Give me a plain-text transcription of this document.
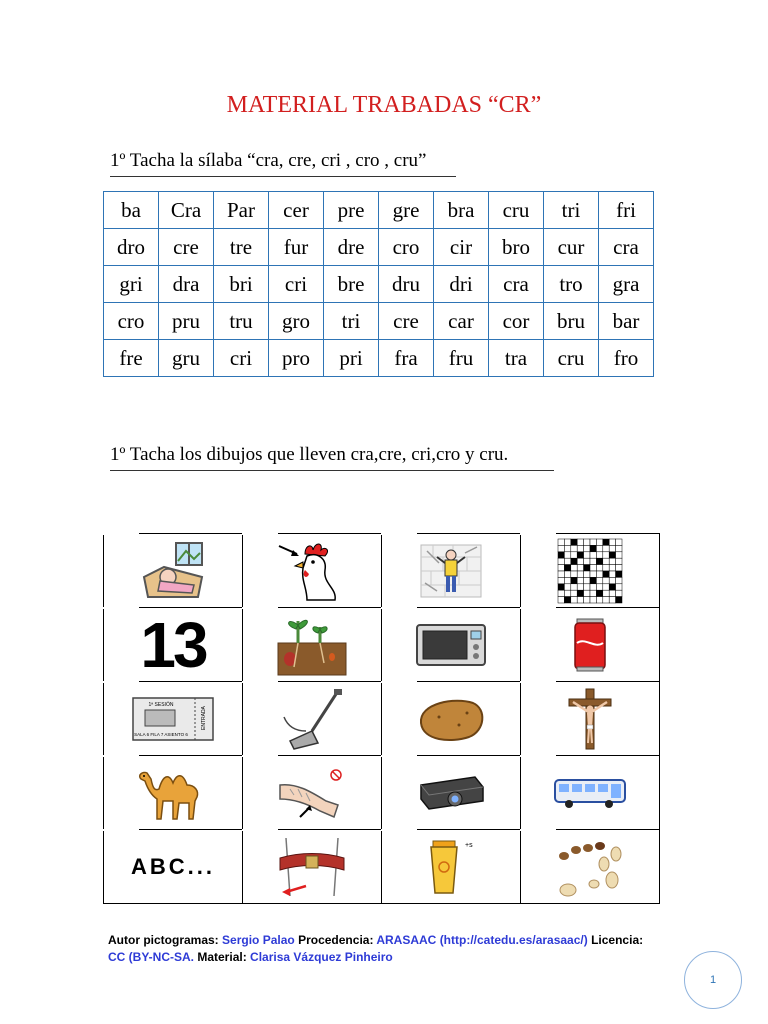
MATERIAL TRABADAS “CR”
1º Tacha la sílaba “cra, cre, cri , cro , cru”
ba	Cra	Par	cer	pre	gre	bra	cru	tri	fri
dro	cre	tre	fur	dre	cro	cir	bro	cur	cra
gri	dra	bri	cri	bre	dru	dri	cra	tro	gra
cro	pru	tru	gro	tri	cre	car	cor	bru	bar
fre	gru	cri	pro	pri	fra	fru	tra	cru	fro
1º Tacha los dibujos que lleven cra,cre, cri,cro y cru.

13

1ª SESIÓN
SALA 6 FILA 7 ASIENTO 6
ENTRADA

ABC...		+s

Autor pictogramas: Sergio Palao Procedencia: ARASAAC (http://catedu.es/arasaac/) Licencia:
CC (BY-NC-SA. Material: Clarisa Vázquez Pinheiro
1
